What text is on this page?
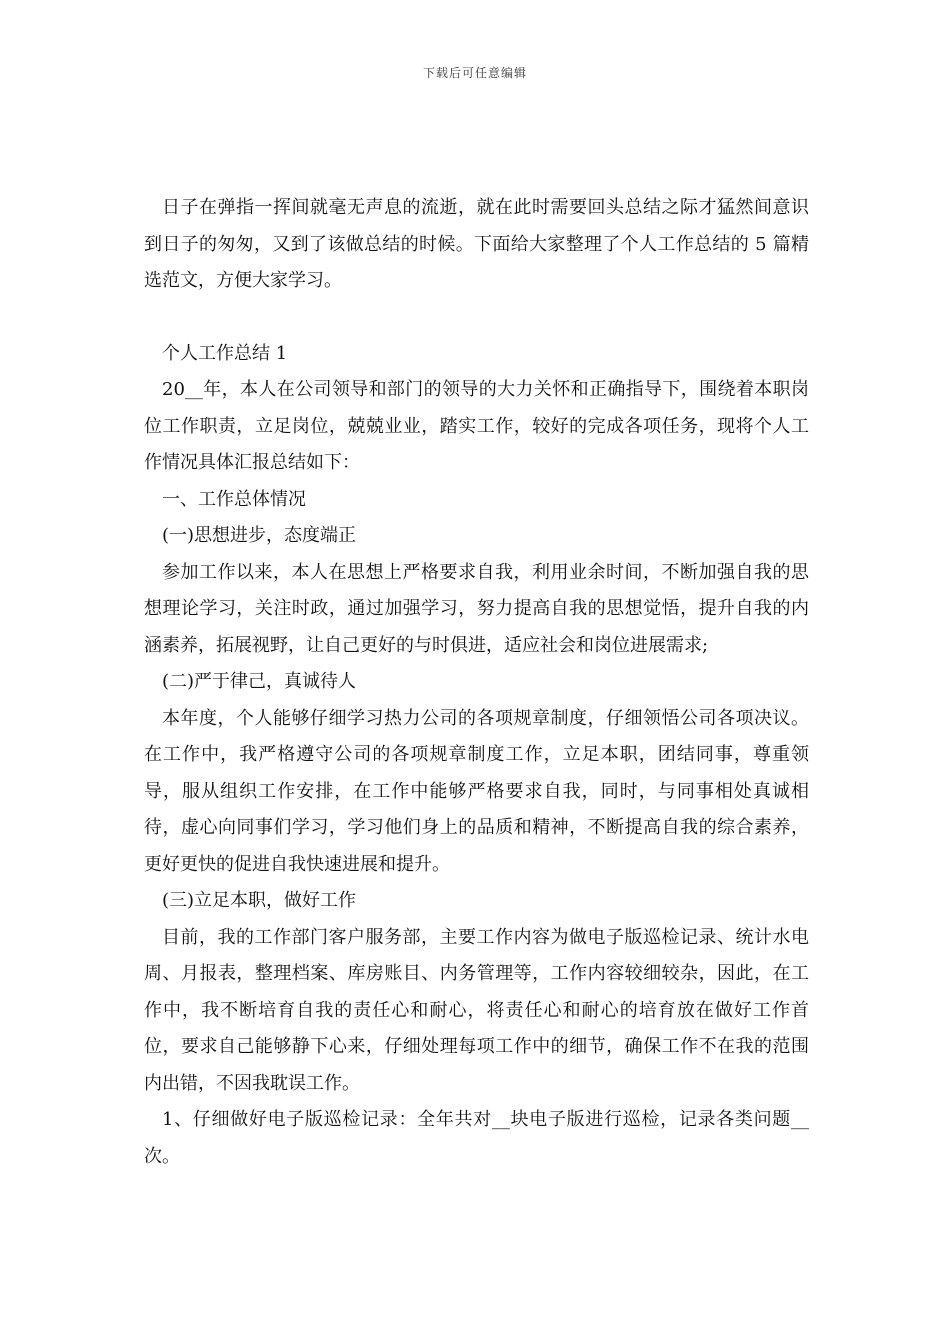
下载后可任意编辑

日子在弹指一挥间就毫无声息的流逝，就在此时需要回头总结之际才猛然间意识到日子的匆匆，又到了该做总结的时候。下面给大家整理了个人工作总结的 5 篇精选范文，方便大家学习。

个人工作总结 1

20__年，本人在公司领导和部门的领导的大力关怀和正确指导下，围绕着本职岗位工作职责，立足岗位，兢兢业业，踏实工作，较好的完成各项任务，现将个人工作情况具体汇报总结如下：

一、工作总体情况

(一)思想进步，态度端正

参加工作以来，本人在思想上严格要求自我，利用业余时间，不断加强自我的思想理论学习，关注时政，通过加强学习，努力提高自我的思想觉悟，提升自我的内涵素养，拓展视野，让自己更好的与时俱进，适应社会和岗位进展需求;

(二)严于律己，真诚待人

本年度，个人能够仔细学习热力公司的各项规章制度，仔细领悟公司各项决议。在工作中，我严格遵守公司的各项规章制度工作，立足本职，团结同事，尊重领导，服从组织工作安排，在工作中能够严格要求自我，同时，与同事相处真诚相待，虚心向同事们学习，学习他们身上的品质和精神，不断提高自我的综合素养，更好更快的促进自我快速进展和提升。

(三)立足本职，做好工作

目前，我的工作部门客户服务部，主要工作内容为做电子版巡检记录、统计水电周、月报表，整理档案、库房账目、内务管理等，工作内容较细较杂，因此，在工作中，我不断培育自我的责任心和耐心，将责任心和耐心的培育放在做好工作首位，要求自己能够静下心来，仔细处理每项工作中的细节，确保工作不在我的范围内出错，不因我耽误工作。

1、仔细做好电子版巡检记录：全年共对__块电子版进行巡检，记录各类问题__次。
